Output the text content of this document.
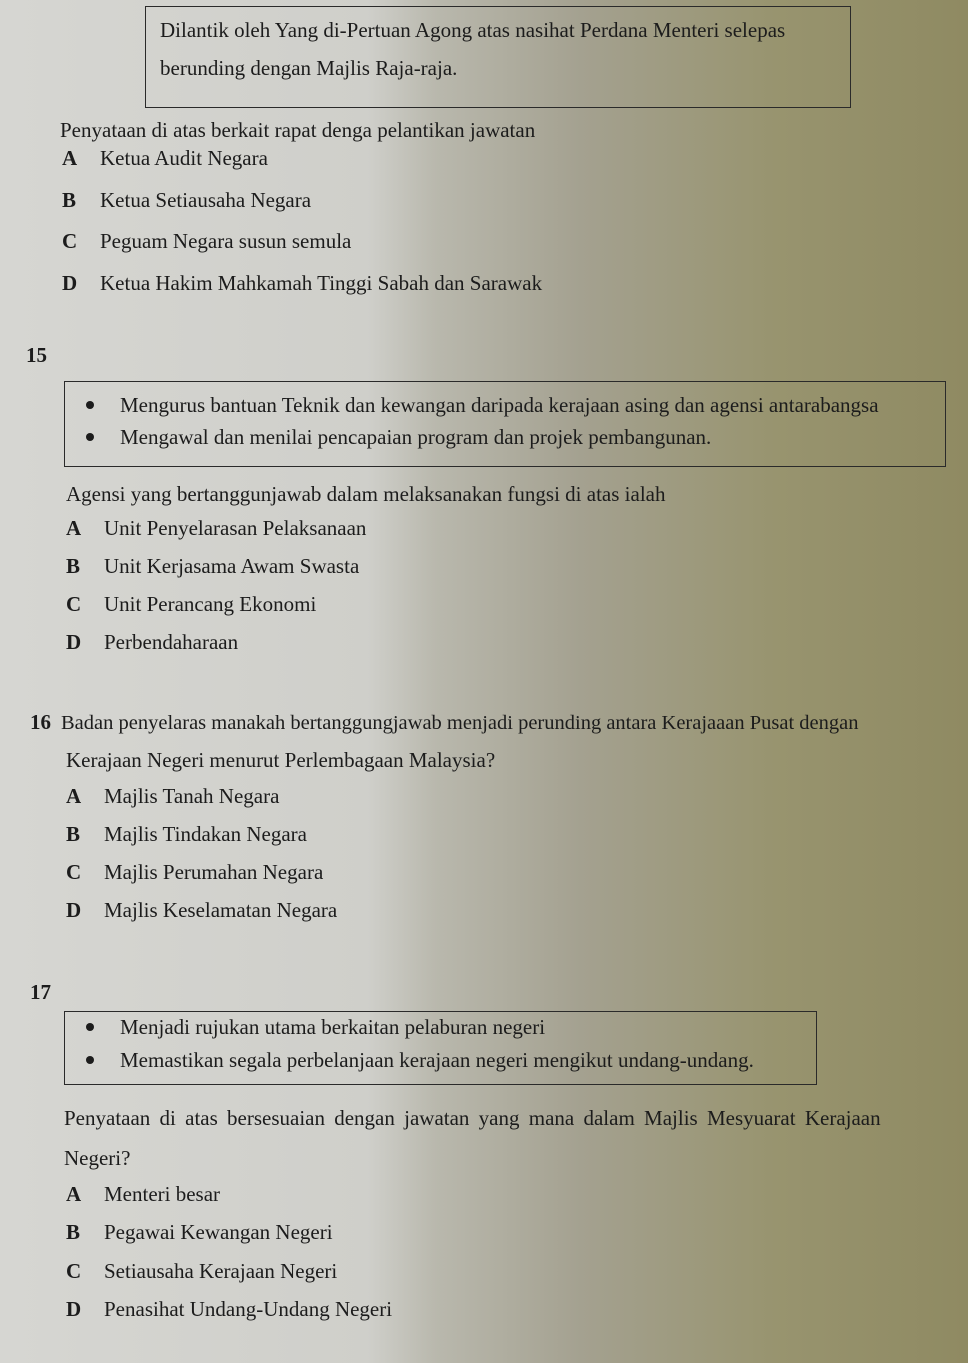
Dilantik oleh Yang di-Pertuan Agong atas nasihat Perdana Menteri selepas
berunding dengan Majlis Raja-raja.
Penyataan di atas berkait rapat denga pelantikan jawatan
A Ketua Audit Negara
B Ketua Setiausaha Negara
C Peguam Negara susun semula
D Ketua Hakim Mahkamah Tinggi Sabah dan Sarawak
15
Mengurus bantuan Teknik dan kewangan daripada kerajaan asing dan agensi antarabangsa
Mengawal dan menilai pencapaian program dan projek pembangunan.
Agensi yang bertanggunjawab dalam melaksanakan fungsi di atas ialah
A Unit Penyelarasan Pelaksanaan
B Unit Kerjasama Awam Swasta
C Unit Perancang Ekonomi
D Perbendaharaan
16 Badan penyelaras manakah bertanggungjawab menjadi perunding antara Kerajaaan Pusat dengan
Kerajaan Negeri menurut Perlembagaan Malaysia?
A Majlis Tanah Negara
B Majlis Tindakan Negara
C Majlis Perumahan Negara
D Majlis Keselamatan Negara
17
Menjadi rujukan utama berkaitan pelaburan negeri
Memastikan segala perbelanjaan kerajaan negeri mengikut undang-undang.
Penyataan di atas bersesuaian dengan jawatan yang mana dalam Majlis Mesyuarat Kerajaan
Negeri?
A Menteri besar
B Pegawai Kewangan Negeri
C Setiausaha Kerajaan Negeri
D Penasihat Undang-Undang Negeri
